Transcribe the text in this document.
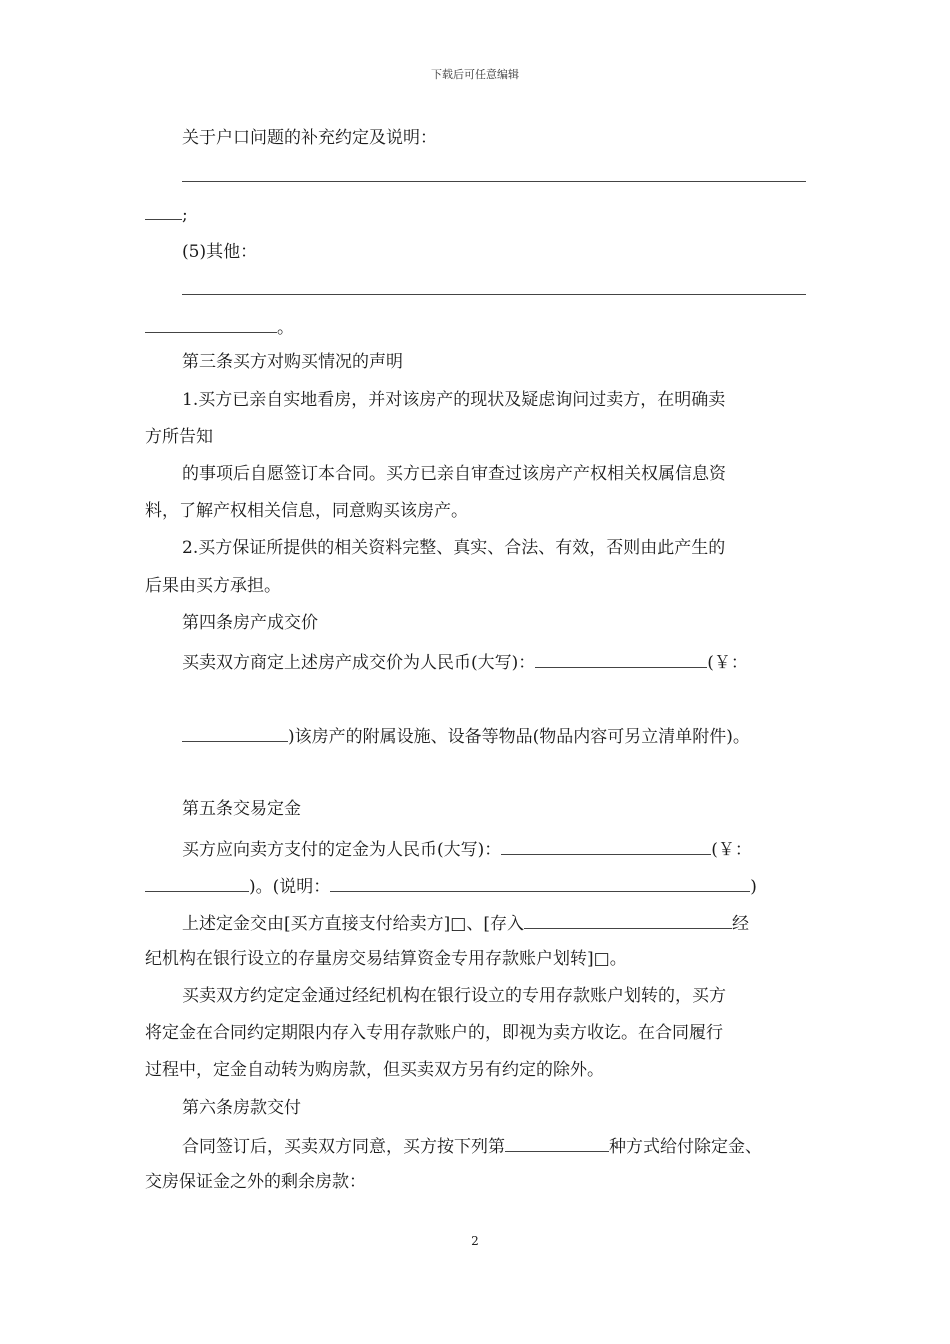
下载后可任意编辑
关于户口问题的补充约定及说明：
;
(5)其他：
。
第三条买方对购买情况的声明
1.买方已亲自实地看房，并对该房产的现状及疑虑询问过卖方，在明确卖
方所告知
的事项后自愿签订本合同。买方已亲自审查过该房产产权相关权属信息资
料，了解产权相关信息，同意购买该房产。
2.买方保证所提供的相关资料完整、真实、合法、有效，否则由此产生的
后果由买方承担。
第四条房产成交价
买卖双方商定上述房产成交价为人民币(大写)：	(￥：
)该房产的附属设施、设备等物品(物品内容可另立清单附件)。
第五条交易定金
买方应向卖方支付的定金为人民币(大写)：	(￥：
)。(说明：	)
上述定金交由[买方直接支付给卖方]□、[存入	经
纪机构在银行设立的存量房交易结算资金专用存款账户划转]□。
买卖双方约定定金通过经纪机构在银行设立的专用存款账户划转的，买方
将定金在合同约定期限内存入专用存款账户的，即视为卖方收讫。在合同履行
过程中，定金自动转为购房款，但买卖双方另有约定的除外。
第六条房款交付
合同签订后，买卖双方同意，买方按下列第	种方式给付除定金、
交房保证金之外的剩余房款：
2
